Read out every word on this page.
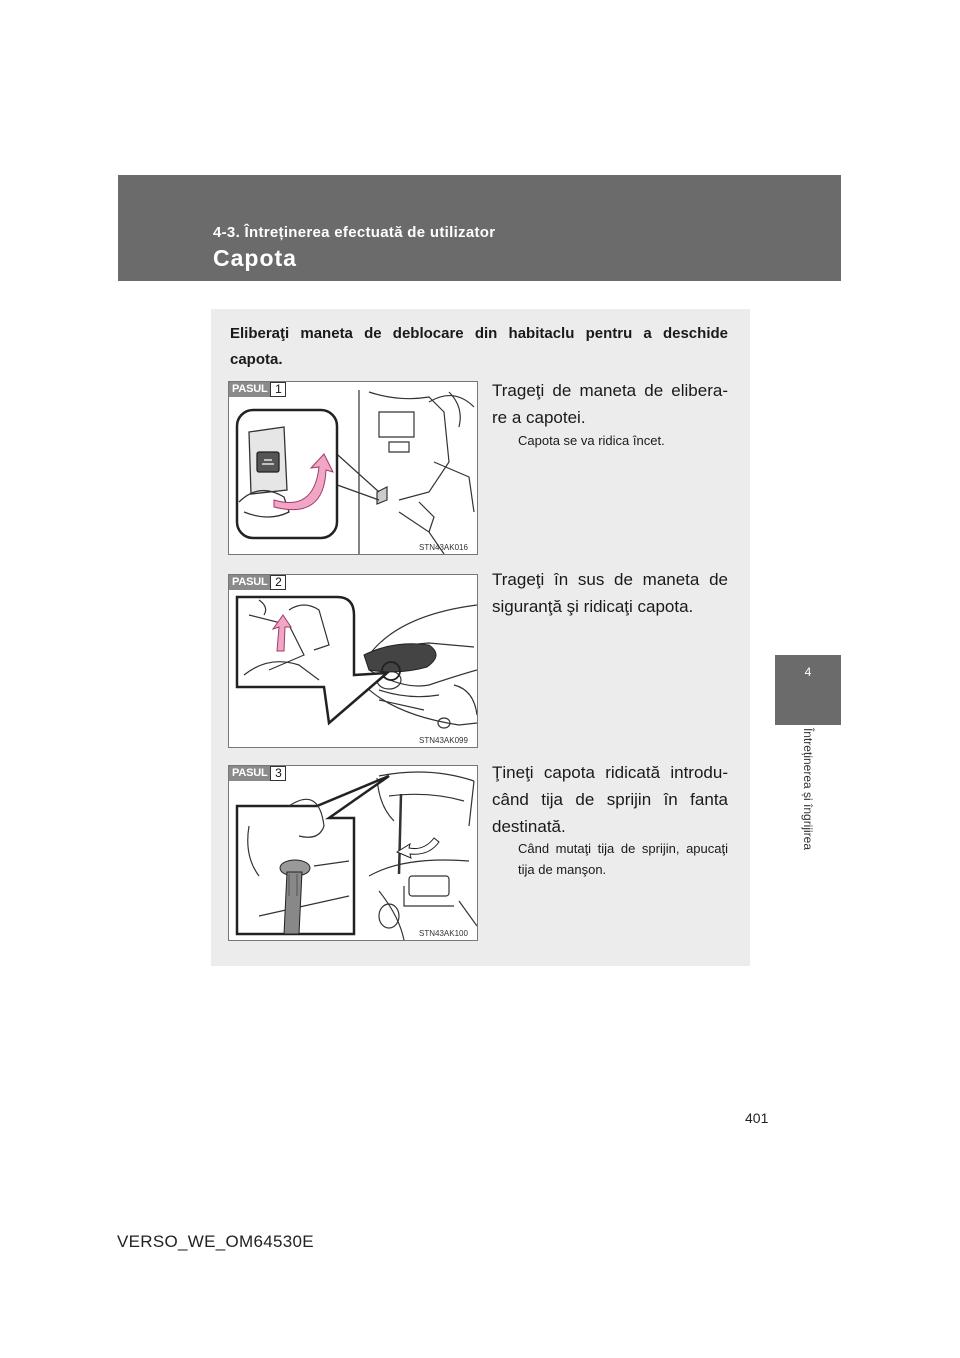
4-3. Întreținerea efectuată de utilizator
Capota
4
Întreținerea și îngrijirea
Eliberaţi maneta de deblocare din habitaclu pentru a deschide capota.
STN43AK016
PASUL 1	Trageţi de maneta de elibera-re a capotei.
Capota se va ridica încet.
STN43AK099
PASUL 2	Trageţi în sus de maneta de siguranţă şi ridicaţi capota.
STN43AK100
PASUL 3	Ţineţi capota ridicată introdu-când tija de sprijin în fanta destinată.
Când mutaţi tija de sprijin, apucaţi tija de manşon.
401
VERSO_WE_OM64530E
